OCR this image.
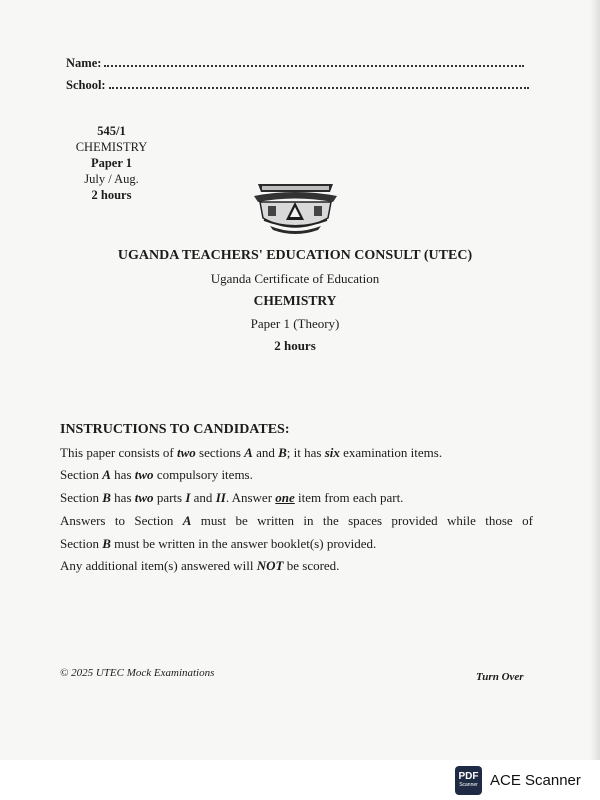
Name:
School:
545/1
CHEMISTRY
Paper 1
July / Aug.
2 hours
UGANDA TEACHERS' EDUCATION CONSULT (UTEC)
Uganda Certificate of Education
CHEMISTRY
Paper 1 (Theory)
2 hours
INSTRUCTIONS TO CANDIDATES:
This paper consists of two sections A and B; it has six examination items.
Section A has two compulsory items.
Section B has two parts I and II. Answer one item from each part.
Answers to Section A must be written in the spaces provided while those of
Section B must be written in the answer booklet(s) provided.
Any additional item(s) answered will NOT be scored.
© 2025 UTEC Mock Examinations	Turn Over
PDF
Scanner ACE Scanner
